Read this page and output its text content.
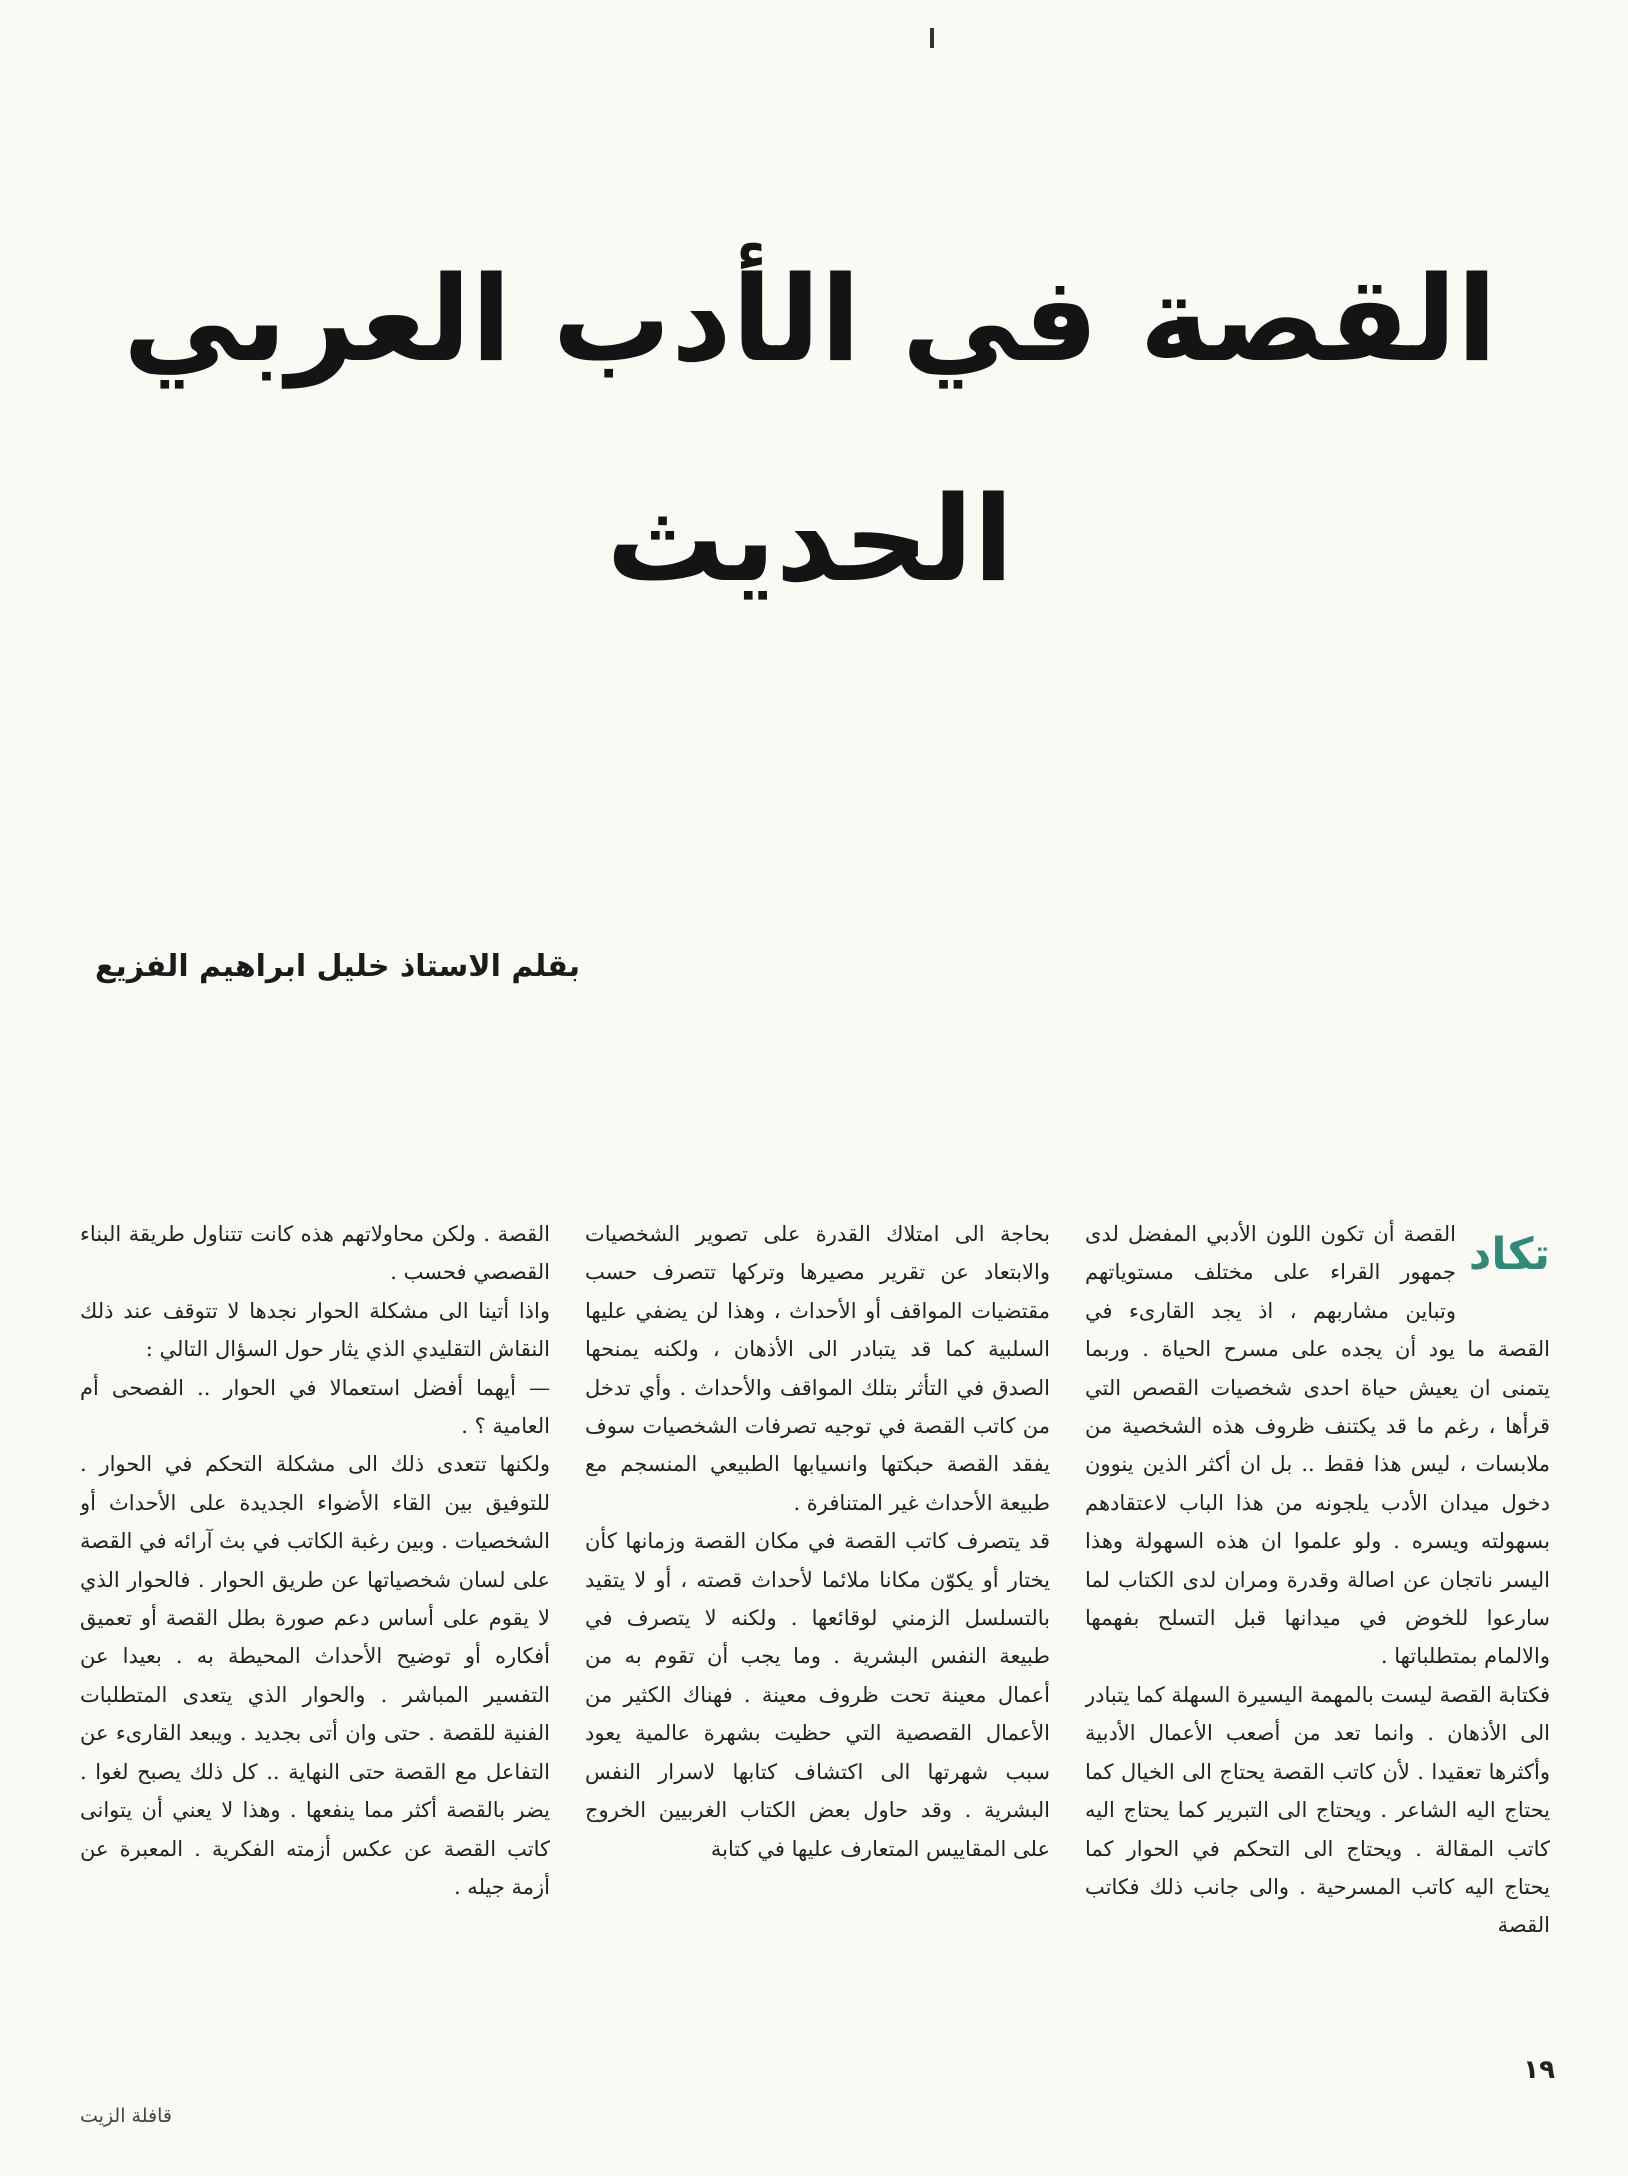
القصة في الأدب العربي الحديث
بقلم الاستاذ خليل ابراهيم الفزيع
تكاد

القصة أن تكون اللون الأدبي المفضل لدى جمهور القراء على مختلف مستوياتهم وتباين مشاربهم ، اذ يجد القارىء في القصة ما يود أن يجده على مسرح الحياة . وربما يتمنى ان يعيش حياة احدى شخصيات القصص التي قرأها ، رغم ما قد يكتنف ظروف هذه الشخصية من ملابسات ، ليس هذا فقط .. بل ان أكثر الذين ينوون دخول ميدان الأدب يلجونه من هذا الباب لاعتقادهم بسهولته ويسره . ولو علموا ان هذه السهولة وهذا اليسر ناتجان عن اصالة وقدرة ومران لدى الكتاب لما سارعوا للخوض في ميدانها قبل التسلح بفهمها والالمام بمتطلباتها .

فكتابة القصة ليست بالمهمة اليسيرة السهلة كما يتبادر الى الأذهان . وانما تعد من أصعب الأعمال الأدبية وأكثرها تعقيدا . لأن كاتب القصة يحتاج الى الخيال كما يحتاج اليه الشاعر . ويحتاج الى التبرير كما يحتاج اليه كاتب المقالة . ويحتاج الى التحكم في الحوار كما يحتاج اليه كاتب المسرحية . والى جانب ذلك فكاتب القصة

بحاجة الى امتلاك القدرة على تصوير الشخصيات والابتعاد عن تقرير مصيرها وتركها تتصرف حسب مقتضيات المواقف أو الأحداث ، وهذا لن يضفي عليها السلبية كما قد يتبادر الى الأذهان ، ولكنه يمنحها الصدق في التأثر بتلك المواقف والأحداث . وأي تدخل من كاتب القصة في توجيه تصرفات الشخصيات سوف يفقد القصة حبكتها وانسيابها الطبيعي المنسجم مع طبيعة الأحداث غير المتنافرة .

قد يتصرف كاتب القصة في مكان القصة وزمانها كأن يختار أو يكوّن مكانا ملائما لأحداث قصته ، أو لا يتقيد بالتسلسل الزمني لوقائعها . ولكنه لا يتصرف في طبيعة النفس البشرية . وما يجب أن تقوم به من أعمال معينة تحت ظروف معينة . فهناك الكثير من الأعمال القصصية التي حظيت بشهرة عالمية يعود سبب شهرتها الى اكتشاف كتابها لاسرار النفس البشرية . وقد حاول بعض الكتاب الغربيين الخروج على المقاييس المتعارف عليها في كتابة

القصة . ولكن محاولاتهم هذه كانت تتناول طريقة البناء القصصي فحسب .

واذا أتينا الى مشكلة الحوار نجدها لا تتوقف عند ذلك النقاش التقليدي الذي يثار حول السؤال التالي :

— أيهما أفضل استعمالا في الحوار .. الفصحى أم العامية ؟ .

ولكنها تتعدى ذلك الى مشكلة التحكم في الحوار . للتوفيق بين القاء الأضواء الجديدة على الأحداث أو الشخصيات . وبين رغبة الكاتب في بث آرائه في القصة على لسان شخصياتها عن طريق الحوار . فالحوار الذي لا يقوم على أساس دعم صورة بطل القصة أو تعميق أفكاره أو توضيح الأحداث المحيطة به . بعيدا عن التفسير المباشر . والحوار الذي يتعدى المتطلبات الفنية للقصة . حتى وان أتى بجديد . ويبعد القارىء عن التفاعل مع القصة حتى النهاية .. كل ذلك يصبح لغوا . يضر بالقصة أكثر مما ينفعها . وهذا لا يعني أن يتوانى كاتب القصة عن عكس أزمته الفكرية . المعبرة عن أزمة جيله .

١٩
قافلة الزيت
